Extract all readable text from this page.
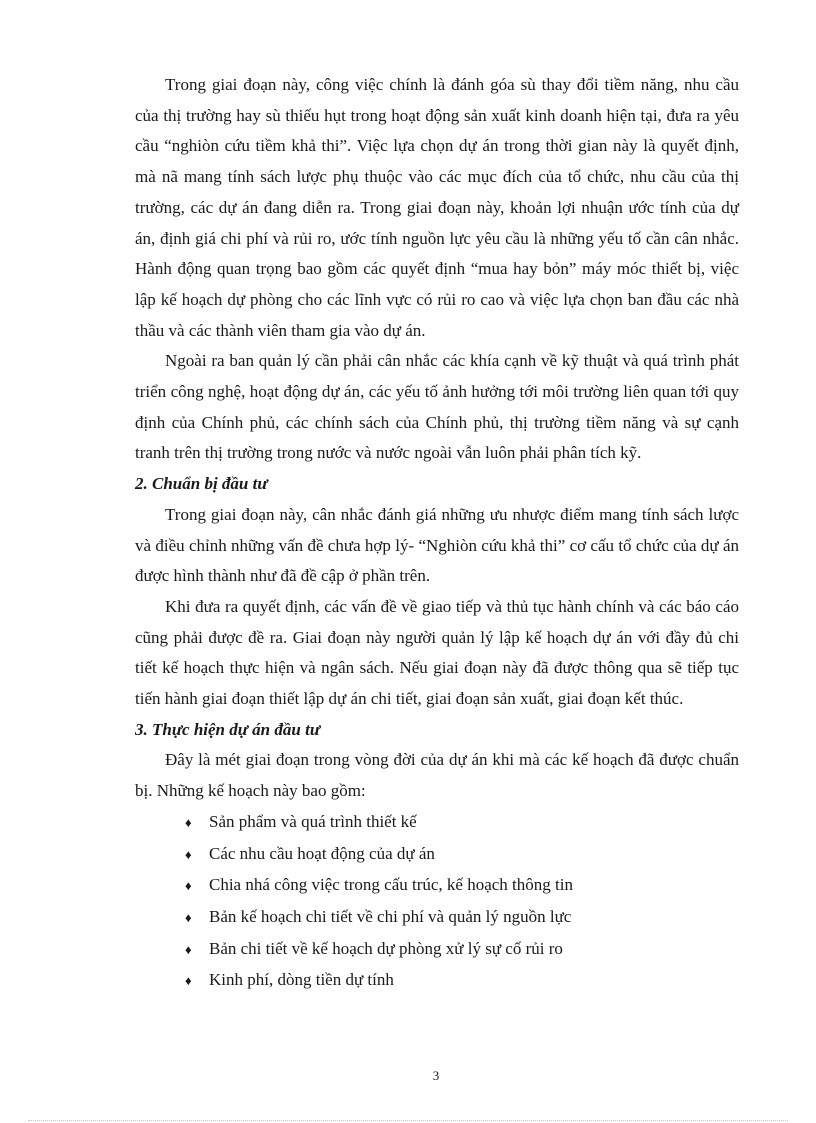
Trong giai đoạn này, công việc chính là đánh góa sù thay đổi tiềm năng, nhu cầu của thị trường hay sù thiếu hụt trong hoạt động sản xuất kinh doanh hiện tại, đưa ra yêu cầu “nghiòn cứu tiềm khả thi”. Việc lựa chọn dự án trong thời gian này là quyết định, mà nã mang tính sách lược phụ thuộc vào các mục đích của tổ chức, nhu cầu của thị trường, các dự án đang diễn ra. Trong giai đoạn này, khoản lợi nhuận ước tính của dự án, định giá chi phí và rủi ro, ước tính nguồn lực yêu cầu là những yếu tố cần cân nhắc. Hành động quan trọng bao gồm các quyết định “mua hay bỏn” máy móc thiết bị, việc lập kế hoạch dự phòng cho các lĩnh vực có rủi ro cao và việc lựa chọn ban đầu các nhà thầu và các thành viên tham gia vào dự án.

Ngoài ra ban quản lý cần phải cân nhắc các khía cạnh về kỹ thuật và quá trình phát triển công nghệ, hoạt động dự án, các yếu tố ảnh hưởng tới môi trường liên quan tới quy định của Chính phủ, các chính sách của Chính phủ, thị trường tiềm năng và sự cạnh tranh trên thị trường trong nước và nước ngoài vẫn luôn phải phân tích kỹ.

2. Chuẩn bị đầu tư

Trong giai đoạn này, cân nhắc đánh giá những ưu nhược điểm mang tính sách lược và điều chỉnh những vấn đề chưa hợp lý- “Nghiòn cứu khả thi” cơ cấu tổ chức của dự án được hình thành như đã đề cập ở phần trên.

Khi đưa ra quyết định, các vấn đề về giao tiếp và thủ tục hành chính và các báo cáo cũng phải được đề ra. Giai đoạn này người quản lý lập kế hoạch dự án với đầy đủ chi tiết kế hoạch thực hiện và ngân sách. Nếu giai đoạn này đã được thông qua sẽ tiếp tục tiến hành giai đoạn thiết lập dự án chi tiết, giai đoạn sản xuất, giai đoạn kết thúc.

3. Thực hiện dự án đầu tư

Đây là mét giai đoạn trong vòng đời của dự án khi mà các kế hoạch đã được chuẩn bị. Những kế hoạch này bao gồm:

♦	Sản phẩm và quá trình thiết kế
♦	Các nhu cầu hoạt động của dự án
♦	Chia nhá công việc trong cấu trúc, kế hoạch thông tin
♦	Bản kế hoạch chi tiết về chi phí và quản lý nguồn lực
♦	Bản chi tiết về kế hoạch dự phòng xử lý sự cố rủi ro
♦	Kinh phí, dòng tiền dự tính
3
